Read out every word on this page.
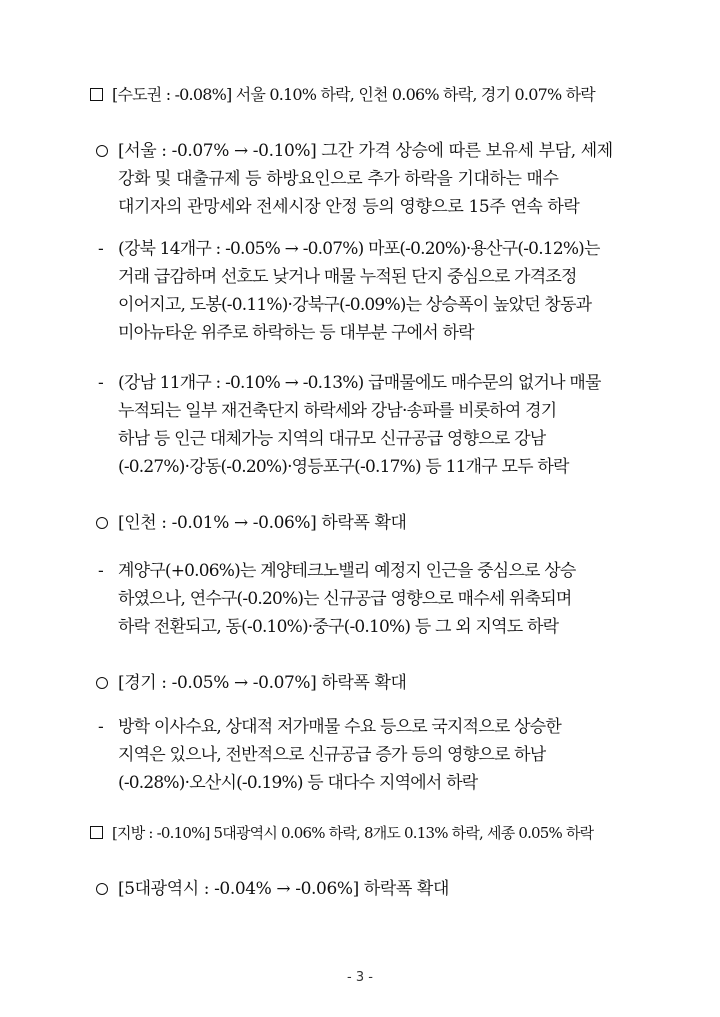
[수도권 : -0.08%] 서울 0.10% 하락, 인천 0.06% 하락, 경기 0.07% 하락
[서울 : -0.07% → -0.10%] 그간 가격 상승에 따른 보유세 부담, 세제
강화 및 대출규제 등 하방요인으로 추가 하락을 기대하는 매수
대기자의 관망세와 전세시장 안정 등의 영향으로 15주 연속 하락
- (강북 14개구 : -0.05% → -0.07%) 마포(-0.20%)·용산구(-0.12%)는
거래 급감하며 선호도 낮거나 매물 누적된 단지 중심으로 가격조정
이어지고, 도봉(-0.11%)·강북구(-0.09%)는 상승폭이 높았던 창동과
미아뉴타운 위주로 하락하는 등 대부분 구에서 하락
- (강남 11개구 : -0.10% → -0.13%) 급매물에도 매수문의 없거나 매물
누적되는 일부 재건축단지 하락세와 강남·송파를 비롯하여 경기
하남 등 인근 대체가능 지역의 대규모 신규공급 영향으로 강남
(-0.27%)·강동(-0.20%)·영등포구(-0.17%) 등 11개구 모두 하락
[인천 : -0.01% → -0.06%] 하락폭 확대
- 계양구(+0.06%)는 계양테크노밸리 예정지 인근을 중심으로 상승
하였으나, 연수구(-0.20%)는 신규공급 영향으로 매수세 위축되며
하락 전환되고, 동(-0.10%)·중구(-0.10%) 등 그 외 지역도 하락
[경기 : -0.05% → -0.07%] 하락폭 확대
- 방학 이사수요, 상대적 저가매물 수요 등으로 국지적으로 상승한
지역은 있으나, 전반적으로 신규공급 증가 등의 영향으로 하남
(-0.28%)·오산시(-0.19%) 등 대다수 지역에서 하락
[지방 : -0.10%] 5대광역시 0.06% 하락, 8개도 0.13% 하락, 세종 0.05% 하락
[5대광역시 : -0.04% → -0.06%] 하락폭 확대
- 3 -
